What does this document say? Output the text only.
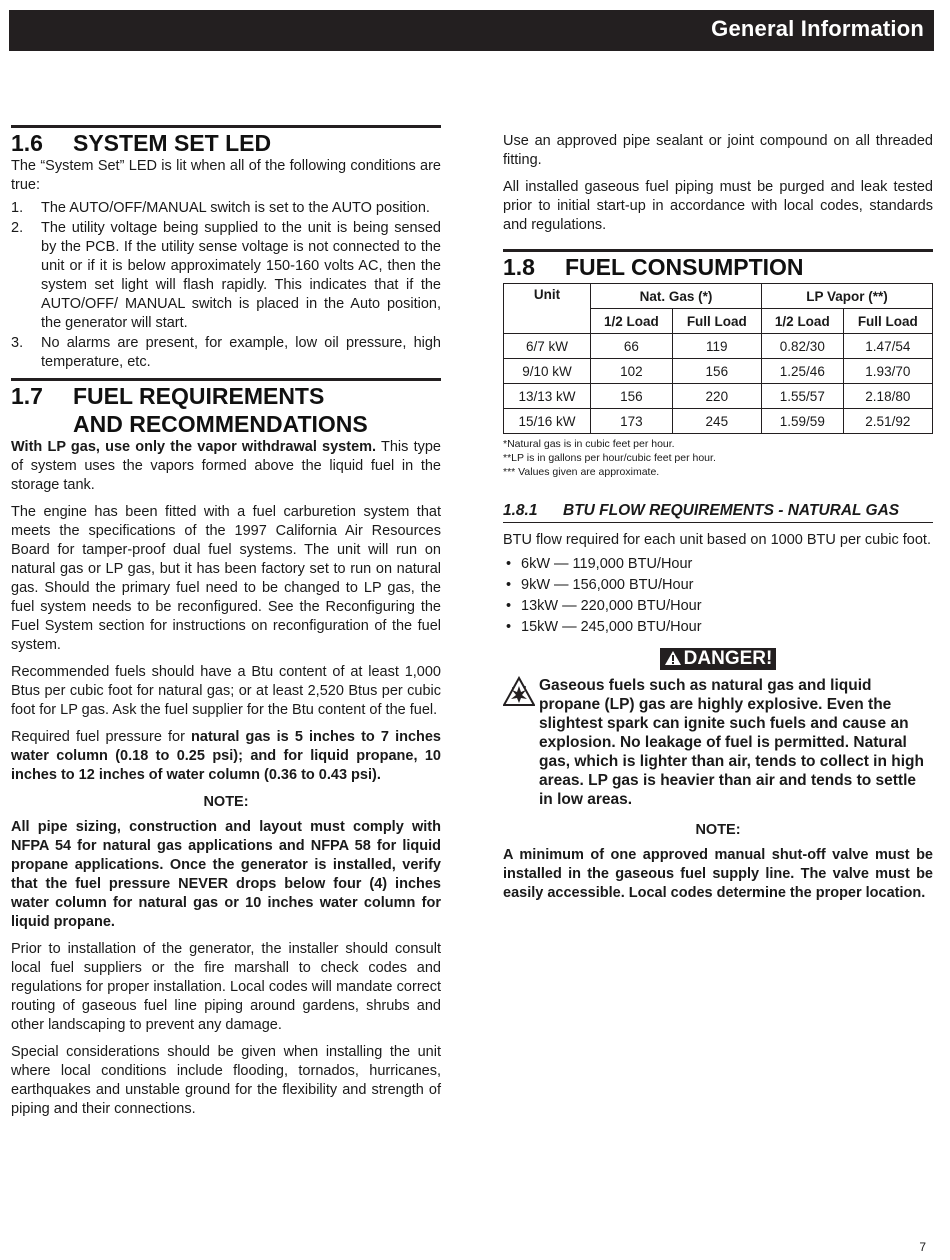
General Information
1.6 SYSTEM SET LED

The “System Set” LED is lit when all of the following conditions are true:

1. The AUTO/OFF/MANUAL switch is set to the AUTO position.
2. The utility voltage being supplied to the unit is being sensed by the PCB. If the utility sense voltage is not connected to the unit or if it is below approximately 150-160 volts AC, then the system set light will flash rapidly. This indicates that if the AUTO/OFF/ MANUAL switch is placed in the Auto position, the generator will start.
3. No alarms are present, for example, low oil pressure, high temperature, etc.
1.7 FUEL REQUIREMENTS
AND RECOMMENDATIONS

With LP gas, use only the vapor withdrawal system. This type of system uses the vapors formed above the liquid fuel in the storage tank.

The engine has been fitted with a fuel carburetion system that meets the specifications of the 1997 California Air Resources Board for tamper-proof dual fuel systems. The unit will run on natural gas or LP gas, but it has been factory set to run on natural gas. Should the primary fuel need to be changed to LP gas, the fuel system needs to be reconfigured. See the Reconfiguring the Fuel System section for instructions on reconfiguration of the fuel system.

Recommended fuels should have a Btu content of at least 1,000 Btus per cubic foot for natural gas; or at least 2,520 Btus per cubic foot for LP gas. Ask the fuel supplier for the Btu content of the fuel.

Required fuel pressure for natural gas is 5 inches to 7 inches water column (0.18 to 0.25 psi); and for liquid propane, 10 inches to 12 inches of water column (0.36 to 0.43 psi).

NOTE:
All pipe sizing, construction and layout must comply with NFPA 54 for natural gas applications and NFPA 58 for liquid propane applications. Once the generator is installed, verify that the fuel pressure NEVER drops below four (4) inches water column for natural gas or 10 inches water column for liquid propane.

Prior to installation of the generator, the installer should consult local fuel suppliers or the fire marshall to check codes and regulations for proper installation. Local codes will mandate correct routing of gaseous fuel line piping around gardens, shrubs and other landscaping to prevent any damage.

Special considerations should be given when installing the unit where local conditions include flooding, tornados, hurricanes, earthquakes and unstable ground for the flexibility and strength of piping and their connections.

Use an approved pipe sealant or joint compound on all threaded fitting.

All installed gaseous fuel piping must be purged and leak tested prior to initial start-up in accordance with local codes, standards and regulations.

1.8 FUEL CONSUMPTION
Unit	Nat. Gas (*)		LP Vapor (**)	
	1/2 Load	Full Load	1/2 Load	Full Load
6/7 kW	66	119	0.82/30	1.47/54
9/10 kW	102	156	1.25/46	1.93/70
13/13 kW	156	220	1.55/57	2.18/80
15/16 kW	173	245	1.59/59	2.51/92
*Natural gas is in cubic feet per hour.
**LP is in gallons per hour/cubic feet per hour.
*** Values given are approximate.
1.8.1 BTU FLOW REQUIREMENTS - NATURAL GAS

BTU flow required for each unit based on 1000 BTU per cubic foot.

• 6kW — 119,000 BTU/Hour
• 9kW — 156,000 BTU/Hour
• 13kW — 220,000 BTU/Hour
• 15kW — 245,000 BTU/Hour
DANGER!

Gaseous fuels such as natural gas and liquid propane (LP) gas are highly explosive. Even the slightest spark can ignite such fuels and cause an explosion. No leakage of fuel is permitted. Natural gas, which is lighter than air, tends to collect in high areas. LP gas is heavier than air and tends to settle in low areas.

NOTE:
A minimum of one approved manual shut-off valve must be installed in the gaseous fuel supply line. The valve must be easily accessible. Local codes determine the proper location.
7
